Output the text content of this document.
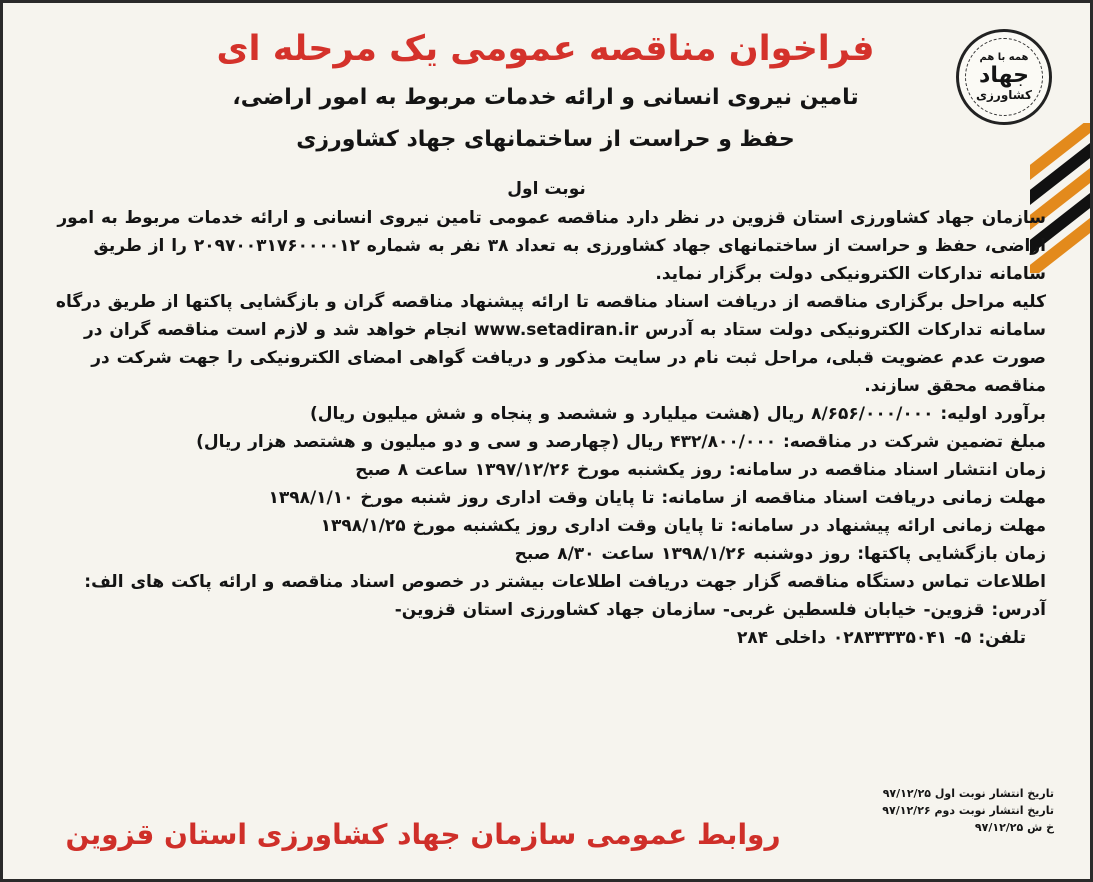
همه با هم
جهاد
کشاورزی
فراخوان مناقصه عمومی یک مرحله ای
تامین نیروی انسانی و ارائه خدمات مربوط به امور اراضی،
حفظ و حراست از ساختمانهای جهاد کشاورزی
نوبت اول

سازمان جهاد کشاورزی استان قزوین در نظر دارد مناقصه عمومی تامین نیروی انسانی و ارائه خدمات مربوط به امور اراضی، حفظ و حراست از ساختمانهای جهاد کشاورزی به تعداد ۳۸ نفر به شماره ۲۰۹۷۰۰۳۱۷۶۰۰۰۰۱۲ را از طریق سامانه تدارکات الکترونیکی دولت برگزار نماید.

کلیه مراحل برگزاری مناقصه از دریافت اسناد مناقصه تا ارائه پیشنهاد مناقصه گران و بازگشایی پاکتها از طریق درگاه سامانه تدارکات الکترونیکی دولت ستاد به آدرس www.setadiran.ir انجام خواهد شد و لازم است مناقصه گران در صورت عدم عضویت قبلی، مراحل ثبت نام در سایت مذکور و دریافت گواهی امضای الکترونیکی را جهت شرکت در مناقصه محقق سازند.

برآورد اولیه: ۸/۶۵۶/۰۰۰/۰۰۰ ریال (هشت میلیارد و ششصد و پنجاه و شش میلیون ریال)

مبلغ تضمین شرکت در مناقصه: ۴۳۲/۸۰۰/۰۰۰ ریال (چهارصد و سی و دو میلیون و هشتصد هزار ریال)

زمان انتشار اسناد مناقصه در سامانه: روز یکشنبه مورخ ۱۳۹۷/۱۲/۲۶ ساعت ۸ صبح

مهلت زمانی دریافت اسناد مناقصه از سامانه: تا پایان وقت اداری روز شنبه مورخ ۱۳۹۸/۱/۱۰

مهلت زمانی ارائه پیشنهاد در سامانه: تا پایان وقت اداری روز یکشنبه مورخ ۱۳۹۸/۱/۲۵

زمان بازگشایی پاکتها: روز دوشنبه ۱۳۹۸/۱/۲۶ ساعت ۸/۳۰ صبح

اطلاعات تماس دستگاه مناقصه گزار جهت دریافت اطلاعات بیشتر در خصوص اسناد مناقصه و ارائه پاکت های الف: آدرس: قزوین- خیابان فلسطین غربی- سازمان جهاد کشاورزی استان قزوین-

تلفن: ۵- ۰۲۸۳۳۳۳۵۰۴۱ داخلی ۲۸۴

تاریخ انتشار نوبت اول ۹۷/۱۲/۲۵
تاریخ انتشار نوبت دوم ۹۷/۱۲/۲۶
خ ش ۹۷/۱۲/۲۵
روابط عمومی سازمان جهاد کشاورزی استان قزوین
